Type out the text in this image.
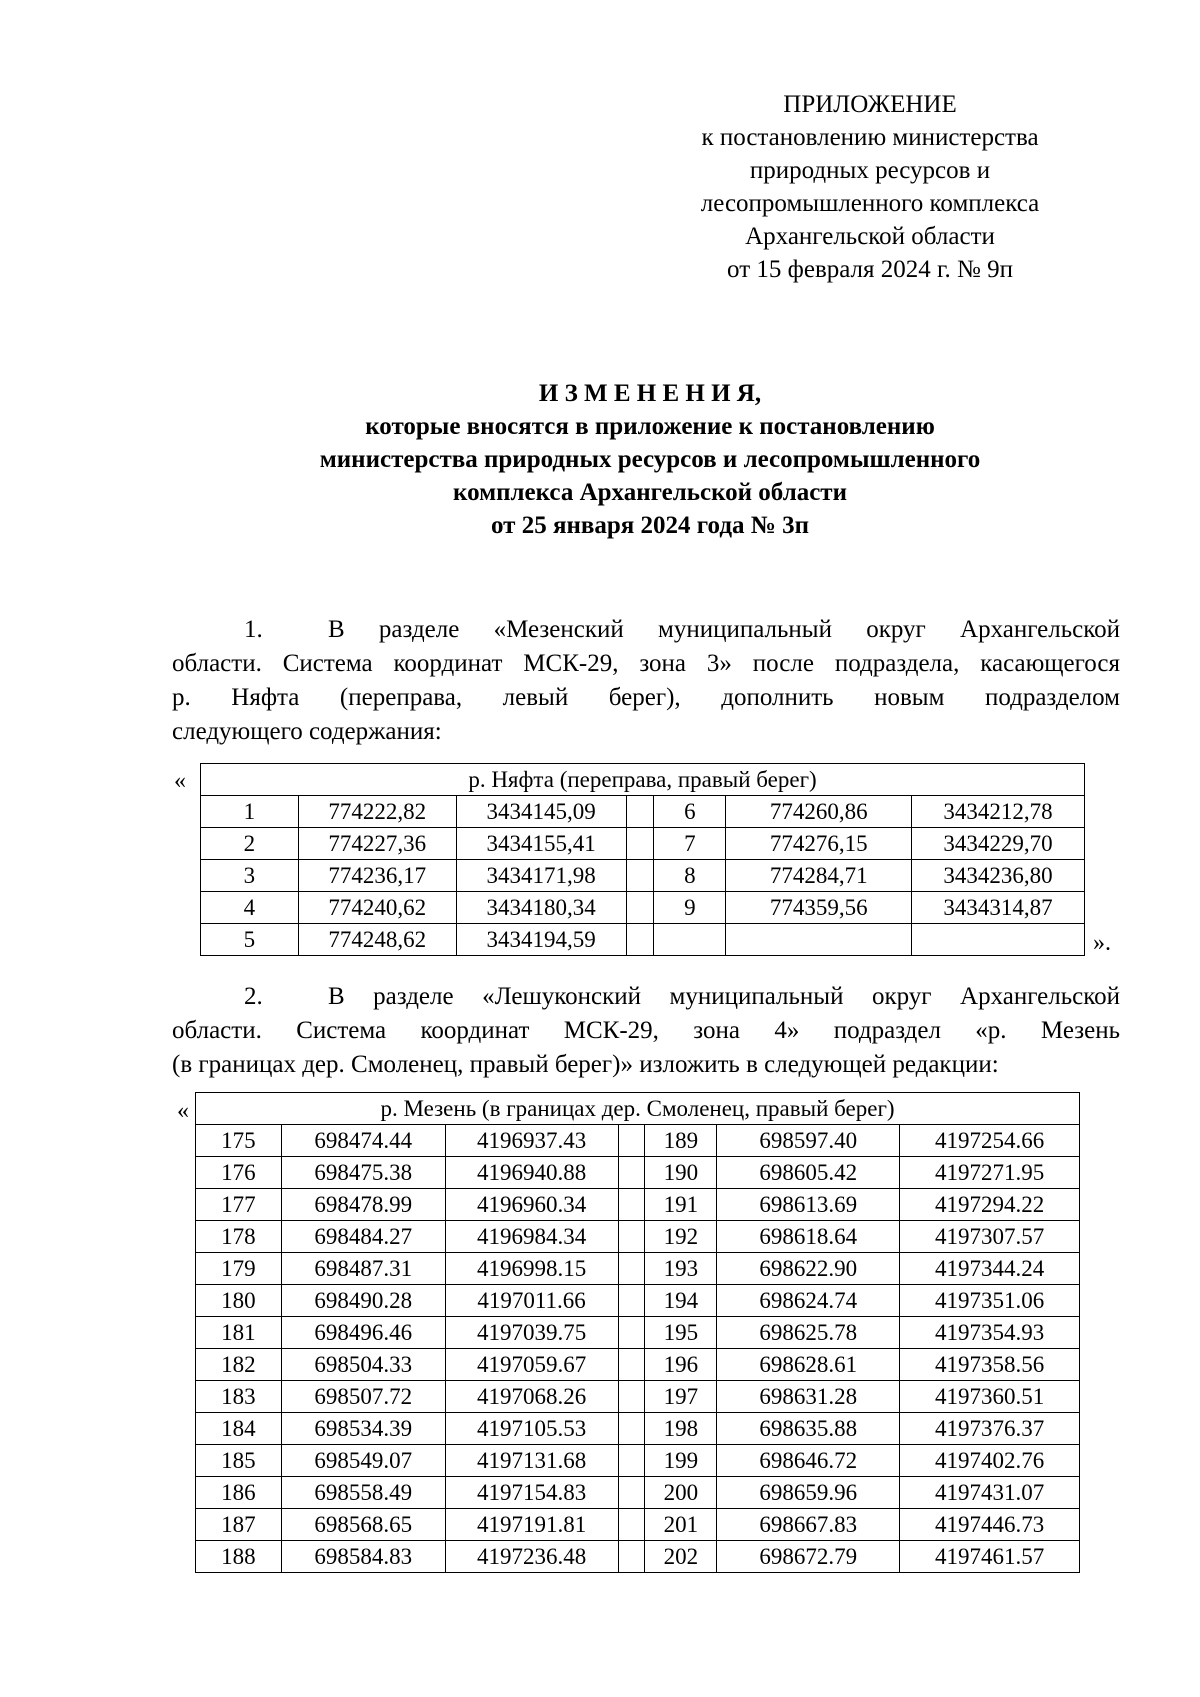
ПРИЛОЖЕНИЕ
к постановлению министерства
природных ресурсов и
лесопромышленного комплекса
Архангельской области
от 15 февраля 2024 г. № 9п
И З М Е Н Е Н И Я,
которые вносятся в приложение к постановлению
министерства природных ресурсов и лесопромышленного
комплекса Архангельской области
от 25 января 2024 года № 3п
1.	В разделе «Мезенский муниципальный округ Архангельской
области. Система координат МСК-29, зона 3» после подраздела, касающегося
р. Няфта (переправа, левый берег), дополнить новым подразделом
следующего содержания:
«	р. Няфта (переправа, правый берег)						
1	774222,82	3434145,09		6	774260,86	3434212,78
2	774227,36	3434155,41		7	774276,15	3434229,70
3	774236,17	3434171,98		8	774284,71	3434236,80
4	774240,62	3434180,34		9	774359,56	3434314,87
5	774248,62	3434194,59					».
2.	В разделе «Лешуконский муниципальный округ Архангельской
области. Система координат МСК-29, зона 4» подраздел «р. Мезень
(в границах дер. Смоленец, правый берег)» изложить в следующей редакции:
«	р. Мезень (в границах дер. Смоленец, правый берег)						
175	698474.44	4196937.43		189	698597.40	4197254.66
176	698475.38	4196940.88		190	698605.42	4197271.95
177	698478.99	4196960.34		191	698613.69	4197294.22
178	698484.27	4196984.34		192	698618.64	4197307.57
179	698487.31	4196998.15		193	698622.90	4197344.24
180	698490.28	4197011.66		194	698624.74	4197351.06
181	698496.46	4197039.75		195	698625.78	4197354.93
182	698504.33	4197059.67		196	698628.61	4197358.56
183	698507.72	4197068.26		197	698631.28	4197360.51
184	698534.39	4197105.53		198	698635.88	4197376.37
185	698549.07	4197131.68		199	698646.72	4197402.76
186	698558.49	4197154.83		200	698659.96	4197431.07
187	698568.65	4197191.81		201	698667.83	4197446.73
188	698584.83	4197236.48		202	698672.79	4197461.57
